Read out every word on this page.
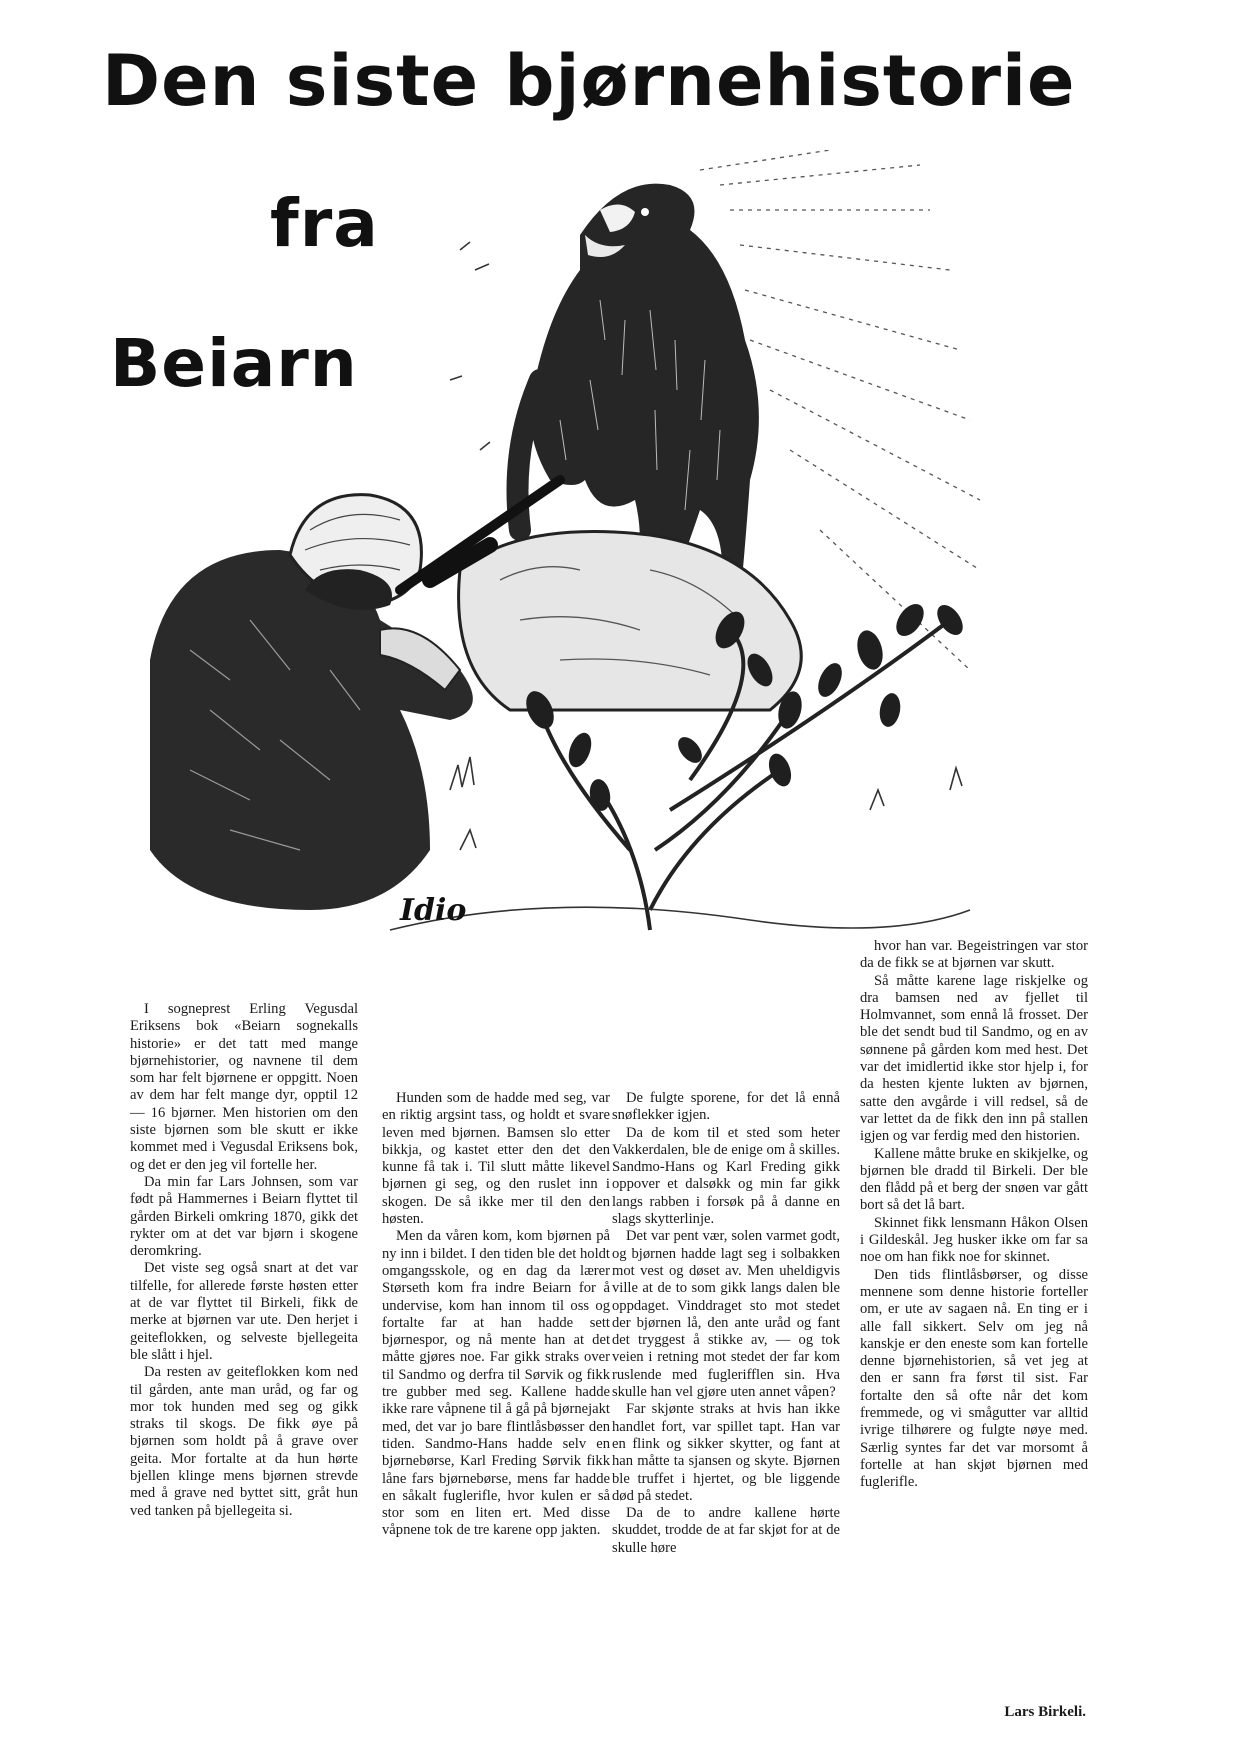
Den siste bjørnehistorie
fra
Beiarn
Idio

I sogneprest Erling Vegusdal Eriksens bok «Beiarn sognekalls historie» er det tatt med mange bjørnehistorier, og navnene til dem som har felt bjørnene er oppgitt. Noen av dem har felt mange dyr, opptil 12 — 16 bjørner. Men historien om den siste bjørnen som ble skutt er ikke kommet med i Vegusdal Eriksens bok, og det er den jeg vil fortelle her.

Da min far Lars Johnsen, som var født på Hammernes i Beiarn flyttet til gården Birkeli omkring 1870, gikk det rykter om at det var bjørn i skogene deromkring.

Det viste seg også snart at det var tilfelle, for allerede første høsten etter at de var flyttet til Birkeli, fikk de merke at bjørnen var ute. Den herjet i geiteflokken, og selveste bjellegeita ble slått i hjel.

Da resten av geiteflokken kom ned til gården, ante man uråd, og far og mor tok hunden med seg og gikk straks til skogs. De fikk øye på bjørnen som holdt på å grave over geita. Mor fortalte at da hun hørte bjellen klinge mens bjørnen strevde med å grave ned byttet sitt, gråt hun ved tanken på bjellegeita si.

Hunden som de hadde med seg, var en riktig argsint tass, og holdt et svare leven med bjørnen. Bamsen slo etter bikkja, og kastet etter den det den kunne få tak i. Til slutt måtte likevel bjørnen gi seg, og den ruslet inn i skogen. De så ikke mer til den den høsten.

Men da våren kom, kom bjørnen på ny inn i bildet. I den tiden ble det holdt omgangsskole, og en dag da lærer Størseth kom fra indre Beiarn for å undervise, kom han innom til oss og fortalte far at han hadde sett bjørnespor, og nå mente han at det måtte gjøres noe. Far gikk straks over til Sandmo og derfra til Sørvik og fikk tre gubber med seg. Kallene hadde ikke rare våpnene til å gå på bjørnejakt med, det var jo bare flintlåsbøsser den tiden. Sandmo-Hans hadde selv en bjørnebørse, Karl Freding Sørvik fikk låne fars bjørnebørse, mens far hadde en såkalt fuglerifle, hvor kulen er så stor som en liten ert. Med disse våpnene tok de tre karene opp jakten.

De fulgte sporene, for det lå ennå snøflekker igjen.

Da de kom til et sted som heter Vakkerdalen, ble de enige om å skilles. Sandmo-Hans og Karl Freding gikk oppover et dalsøkk og min far gikk langs rabben i forsøk på å danne en slags skytterlinje.

Det var pent vær, solen varmet godt, og bjørnen hadde lagt seg i solbakken mot vest og døset av. Men uheldigvis ville at de to som gikk langs dalen ble oppdaget. Vinddraget sto mot stedet der bjørnen lå, den ante uråd og fant det tryggest å stikke av, — og tok veien i retning mot stedet der far kom ruslende med fuglerifflen sin. Hva skulle han vel gjøre uten annet våpen?

Far skjønte straks at hvis han ikke handlet fort, var spillet tapt. Han var en flink og sikker skytter, og fant at han måtte ta sjansen og skyte. Bjørnen ble truffet i hjertet, og ble liggende død på stedet.

Da de to andre kallene hørte skuddet, trodde de at far skjøt for at de skulle høre

hvor han var. Begeistringen var stor da de fikk se at bjørnen var skutt.

Så måtte karene lage riskjelke og dra bamsen ned av fjellet til Holmvannet, som ennå lå frosset. Der ble det sendt bud til Sandmo, og en av sønnene på gården kom med hest. Det var det imidlertid ikke stor hjelp i, for da hesten kjente lukten av bjørnen, satte den avgårde i vill redsel, så de var lettet da de fikk den inn på stallen igjen og var ferdig med den historien.

Kallene måtte bruke en skikjelke, og bjørnen ble dradd til Birkeli. Der ble den flådd på et berg der snøen var gått bort så det lå bart.

Skinnet fikk lensmann Håkon Olsen i Gildeskål. Jeg husker ikke om far sa noe om han fikk noe for skinnet.

Den tids flintlåsbørser, og disse mennene som denne historie forteller om, er ute av sagaen nå. En ting er i alle fall sikkert. Selv om jeg nå kanskje er den eneste som kan fortelle denne bjørnehistorien, så vet jeg at den er sann fra først til sist. Far fortalte den så ofte når det kom fremmede, og vi smågutter var alltid ivrige tilhørere og fulgte nøye med. Særlig syntes far det var morsomt å fortelle at han skjøt bjørnen med fuglerifle.

Lars Birkeli.
